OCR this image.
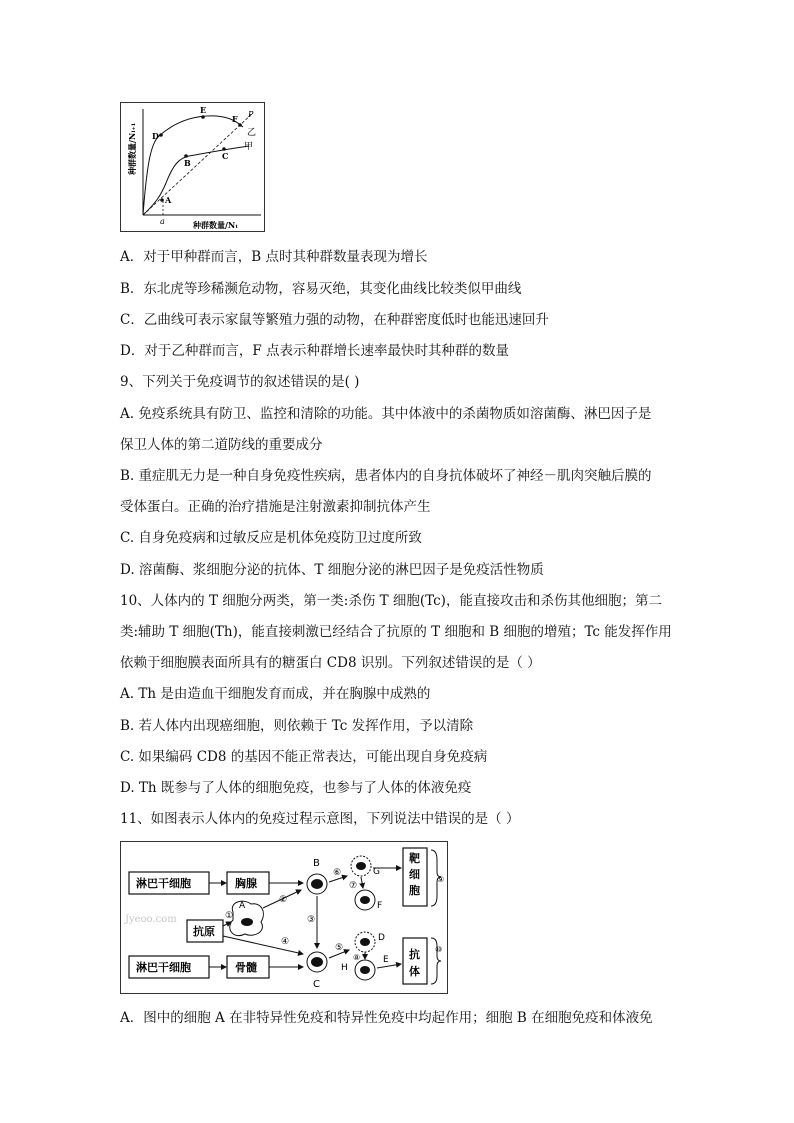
A
B
C
D
E
F P
乙
甲
a	种群数量/Nₜ
种群数量/Nₗ₊₁
A．对于甲种群而言，B 点时其种群数量表现为增长
B．东北虎等珍稀濒危动物，容易灭绝，其变化曲线比较类似甲曲线
C．乙曲线可表示家鼠等繁殖力强的动物，在种群密度低时也能迅速回升
D．对于乙种群而言，F 点表示种群增长速率最快时其种群的数量
9、下列关于免疫调节的叙述错误的是( )
A. 免疫系统具有防卫、监控和清除的功能。其中体液中的杀菌物质如溶菌酶、淋巴因子是
保卫人体的第二道防线的重要成分
B. 重症肌无力是一种自身免疫性疾病，患者体内的自身抗体破坏了神经－肌肉突触后膜的
受体蛋白。正确的治疗措施是注射激素抑制抗体产生
C. 自身免疫病和过敏反应是机体免疫防卫过度所致
D. 溶菌酶、浆细胞分泌的抗体、T 细胞分泌的淋巴因子是免疫活性物质
10、人体内的 T 细胞分两类，第一类:杀伤 T 细胞(Tc)，能直接攻击和杀伤其他细胞；第二
类:辅助 T 细胞(Th)，能直接刺激已经结合了抗原的 T 细胞和 B 细胞的增殖；Tc 能发挥作用
依赖于细胞膜表面所具有的糖蛋白 CD8 识别。下列叙述错误的是（ ）
A. Th 是由造血干细胞发育而成，并在胸腺中成熟的
B. 若人体内出现癌细胞，则依赖于 Tc 发挥作用，予以清除
C. 如果编码 CD8 的基因不能正常表达，可能出现自身免疫病
D. Th 既参与了人体的细胞免疫，也参与了人体的体液免疫
11、如图表示人体内的免疫过程示意图，下列说法中错误的是（ ）
Jyeoo.com
淋巴干细胞	胸腺
抗原
淋巴干细胞	骨髓
靶
细
胞
抗
体
A
①
②
④
B
③
C
⑥	G
F
⑦
⑨
⑤
H
D
⑧	E
⑩
A．图中的细胞 A 在非特异性免疫和特异性免疫中均起作用；细胞 B 在细胞免疫和体液免
